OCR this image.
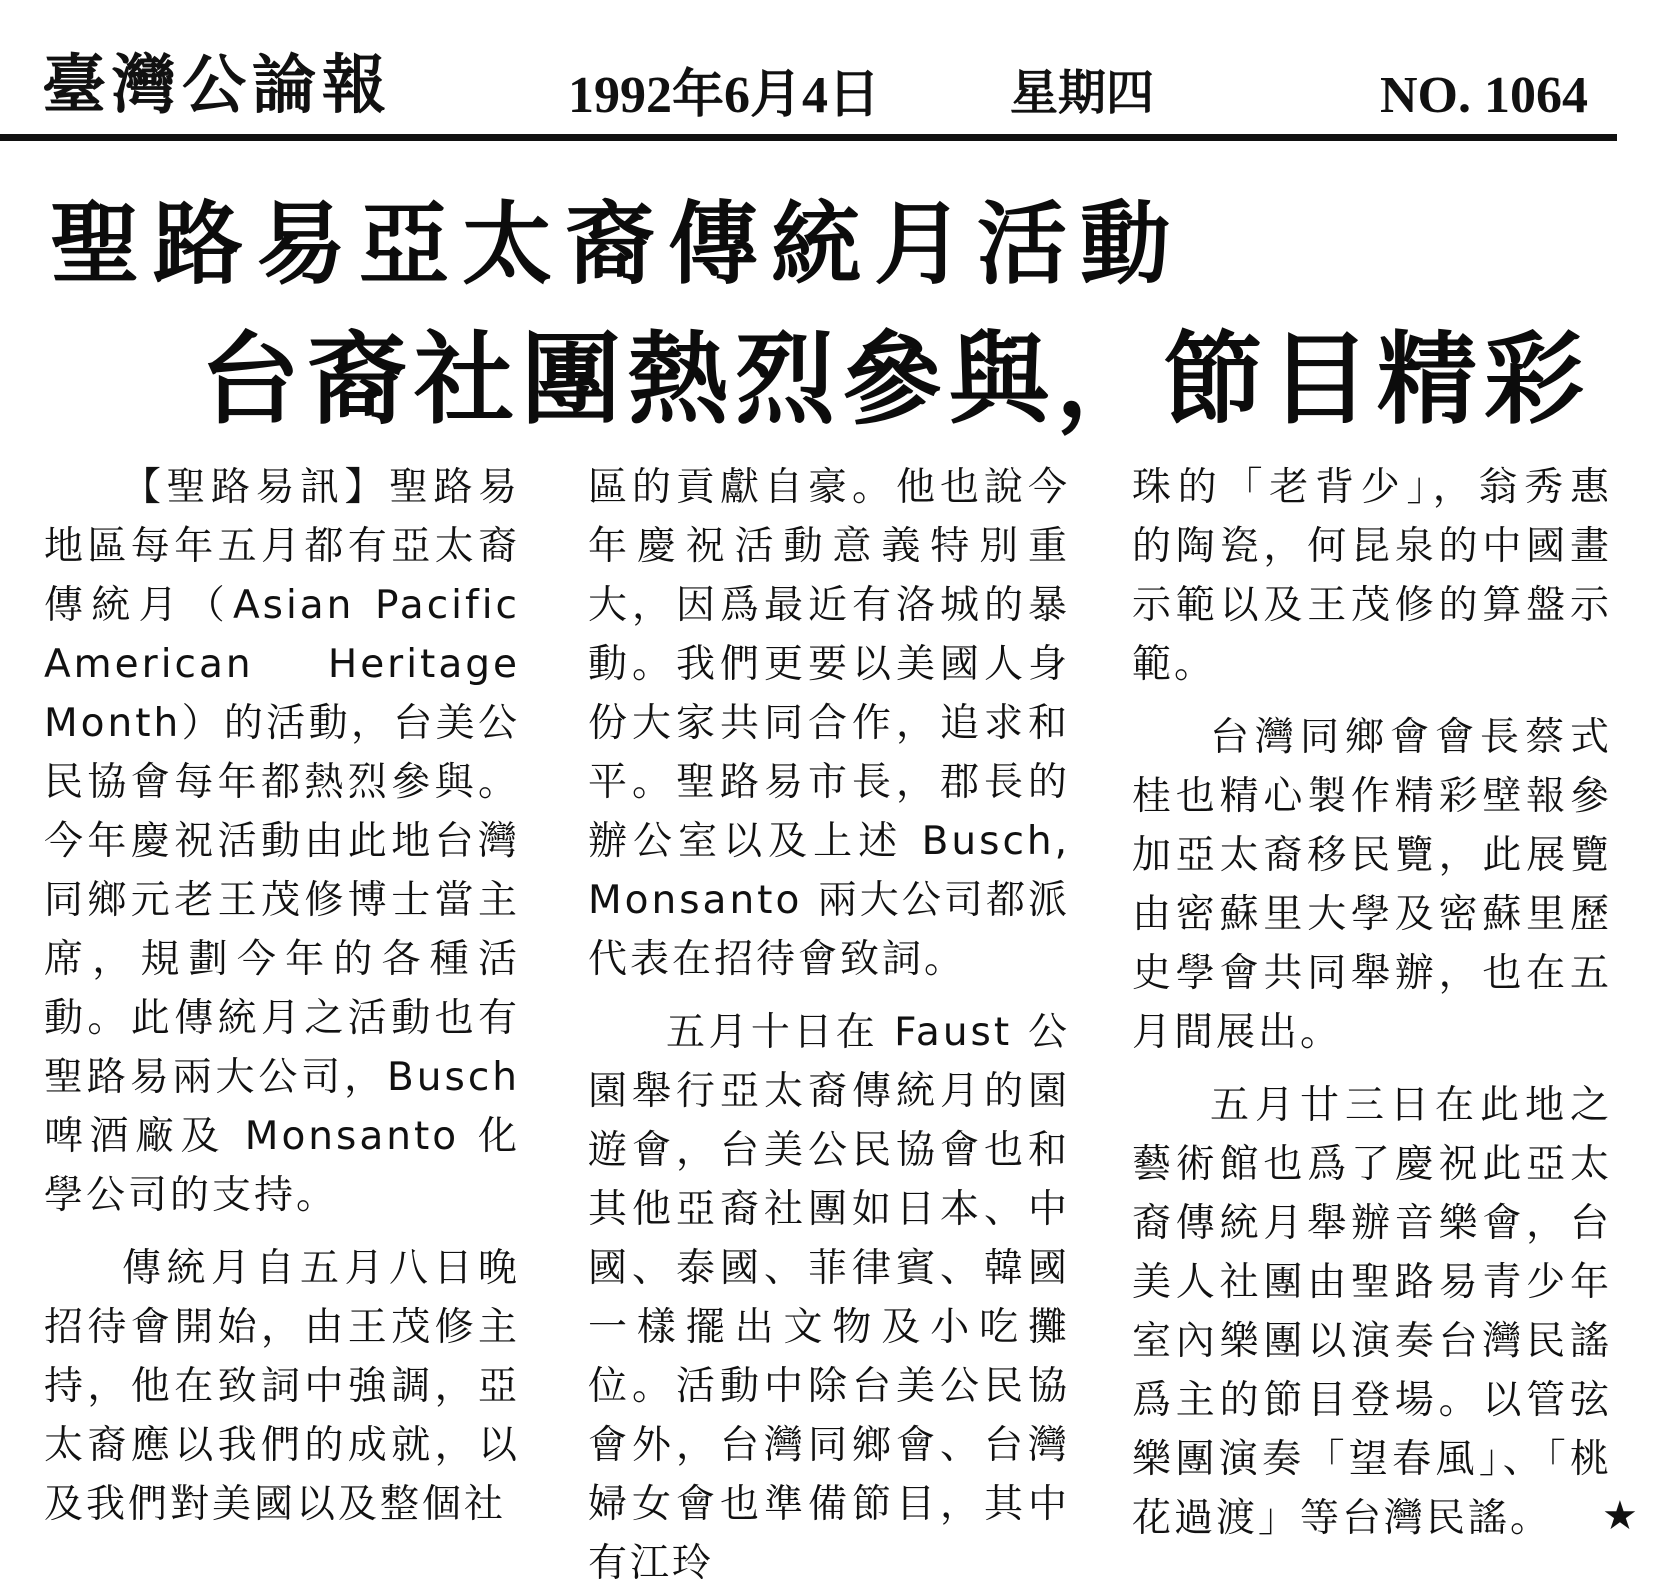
臺灣公論報	1992年6月4日	星期四	NO. 1064
聖路易亞太裔傳統月活動
台裔社團熱烈參與，節目精彩

【聖路易訊】聖路易地區每年五月都有亞太裔傳統月（Asian Pacific American Heritage Month）的活動，台美公民協會每年都熱烈參與。今年慶祝活動由此地台灣同鄉元老王茂修博士當主席，規劃今年的各種活動。此傳統月之活動也有聖路易兩大公司，Busch 啤酒廠及 Monsanto 化學公司的支持。

傳統月自五月八日晚招待會開始，由王茂修主持，他在致詞中強調，亞太裔應以我們的成就，以及我們對美國以及整個社

區的貢獻自豪。他也說今年慶祝活動意義特別重大，因爲最近有洛城的暴動。我們更要以美國人身份大家共同合作，追求和平。聖路易市長，郡長的辦公室以及上述 Busch, Monsanto 兩大公司都派代表在招待會致詞。

五月十日在 Faust 公園舉行亞太裔傳統月的園遊會，台美公民協會也和其他亞裔社團如日本、中國、泰國、菲律賓、韓國一樣擺出文物及小吃攤位。活動中除台美公民協會外，台灣同鄉會、台灣婦女會也準備節目，其中有江玲

珠的「老背少」，翁秀惠的陶瓷，何昆泉的中國畫示範以及王茂修的算盤示範。

台灣同鄉會會長蔡式桂也精心製作精彩壁報參加亞太裔移民覽，此展覽由密蘇里大學及密蘇里歷史學會共同舉辦，也在五月間展出。

五月廿三日在此地之藝術館也爲了慶祝此亞太裔傳統月舉辦音樂會，台美人社團由聖路易青少年室內樂團以演奏台灣民謠爲主的節目登場。以管弦樂團演奏「望春風」、「桃花過渡」等台灣民謠。	★
